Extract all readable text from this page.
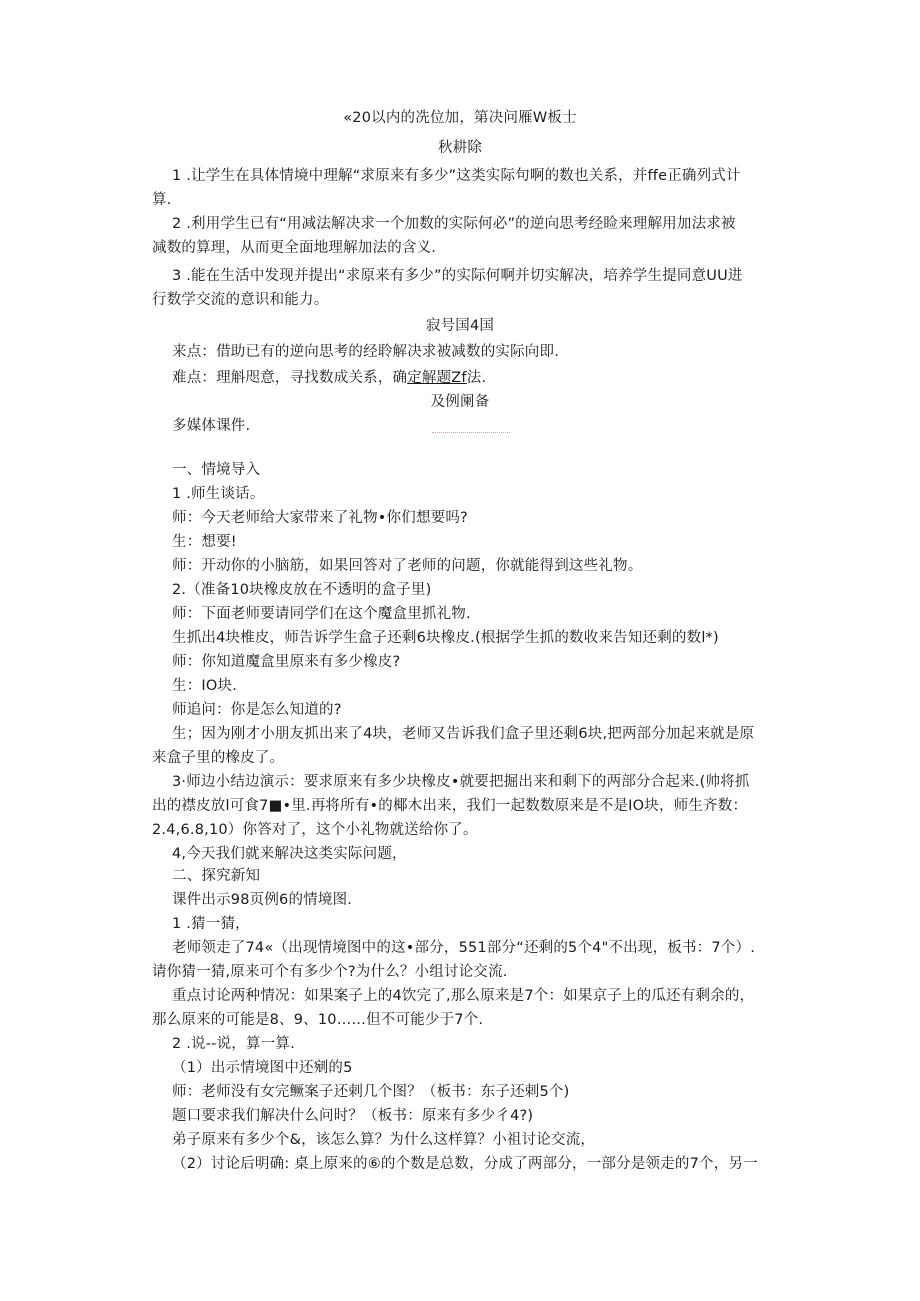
«20以内的冼位加，第决问雁W板士
秋耕除
1 .让学生在具体情境中理解“求原来有多少”这类实际句啊的数也关系，并ffe正确列式计
算.
2 .利用学生已有“用减法解决求一个加数的实际何必”的逆向思考经睑来理解用加法求被
减数的算理，从而更全面地理解加法的含义.
3 .能在生活中发现并提出“求原来有多少”的实际何啊并切实解决，培养学生提同意UU进
行数学交流的意识和能力。
寂号国4国
来点：借助已有的逆向思考的经聆解决求被减数的实际向即.
难点：理斛咫意，寻找数成关系，确定解题Zf法.
及例阑备
多媒体课件.
一、情境导入
1 .师生谈话。
师：今天老师给大家带来了礼物•你们想要吗?
生：想要!
师：开动你的小脑筋，如果回答对了老师的问题，你就能得到这些礼物。
2.（准备10块橡皮放在不透明的盒子里)
师：下面老师要请同学们在这个魔盒里抓礼物.
生抓出4块椎皮，师告诉学生盒子还剩6块橡皮.(根据学生抓的数收来告知还剩的数l*)
师：你知道魔盒里原来有多少橡皮?
生：IO块.
师追问：你是怎么知道的?
生；因为刚才小朋友抓出来了4块，老师又告诉我们盒子里还剩6块,把两部分加起来就是原
来盒子里的橡皮了。
3·师边小结边演示：要求原来有多少块橡皮•就要把掘出来和剩下的两部分合起来.(帅将抓
出的襟皮放l可食7■•里.再将所有•的椰木出来，我们一起数数原来是不是IO块，师生齐数：
2.4,6.8,10）你答对了，这个小礼物就送给你了。
4,今天我们就来解决这类实际问题，
二、探究新知
课件出示98页例6的情境图.
1 .猜一猜，
老师领走了74«（出现情境图中的这•部分，551部分“还剩的5个4"不出现，板书：7个）.
请你猜一猜,原来可个有多少个?为什么？小组讨论交流.
重点讨论两种情况：如果案子上的4饮完了,那么原来是7个：如果京子上的瓜还有剩余的，
那么原来的可能是8、9、10……但不可能少于7个.
2 .说--说，算一算.
（1）出示情境图中还剜的5
师：老师没有女完鳜案子还剌几个图？（板书：东子还剌5个)
题口要求我们解决什么问时？（板书：原来有多少彳4?)
弟子原来有多少个&，该怎么算？为什么这样算？小祖讨论交流，
（2）讨论后明确: 桌上原来的⑥的个数是总数，分成了两部分，一部分是领走的7个，另一
